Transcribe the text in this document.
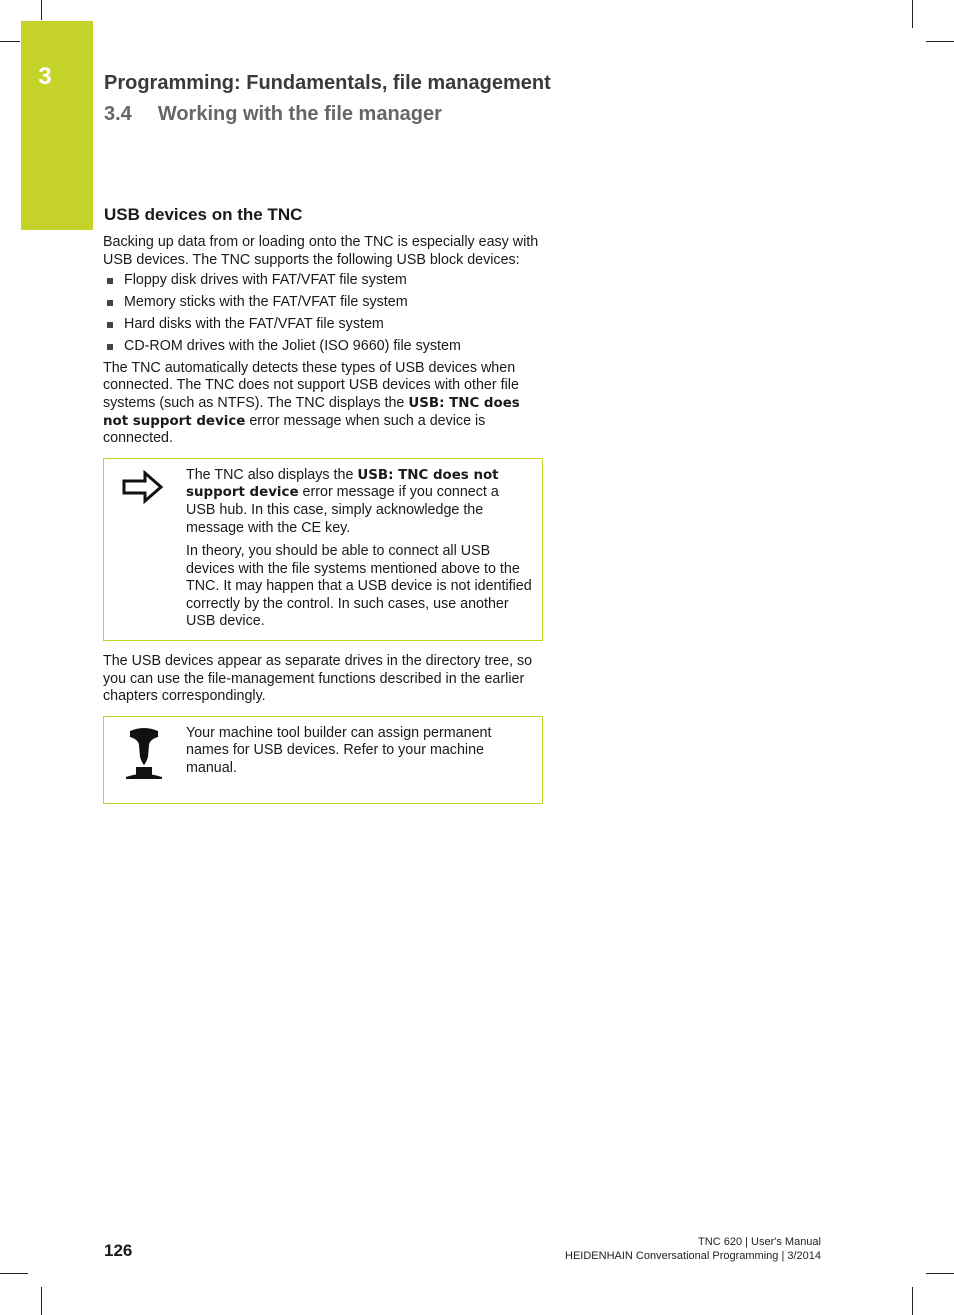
3	Programming: Fundamentals, file management
3.4 Working with the file manager
USB devices on the TNC

Backing up data from or loading onto the TNC is especially easy with USB devices. The TNC supports the following USB block devices:

Floppy disk drives with FAT/VFAT file system
Memory sticks with the FAT/VFAT file system
Hard disks with the FAT/VFAT file system
CD-ROM drives with the Joliet (ISO 9660) file system

The TNC automatically detects these types of USB devices when connected. The TNC does not support USB devices with other file systems (such as NTFS). The TNC displays the USB: TNC does not support device error message when such a device is connected.

The TNC also displays the USB: TNC does not support device error message if you connect a USB hub. In this case, simply acknowledge the message with the CE key.

In theory, you should be able to connect all USB devices with the file systems mentioned above to the TNC. It may happen that a USB device is not identified correctly by the control. In such cases, use another USB device.

The USB devices appear as separate drives in the directory tree, so you can use the file-management functions described in the earlier chapters correspondingly.

Your machine tool builder can assign permanent names for USB devices. Refer to your machine manual.

126	TNC 620 | User's Manual
HEIDENHAIN Conversational Programming | 3/2014
